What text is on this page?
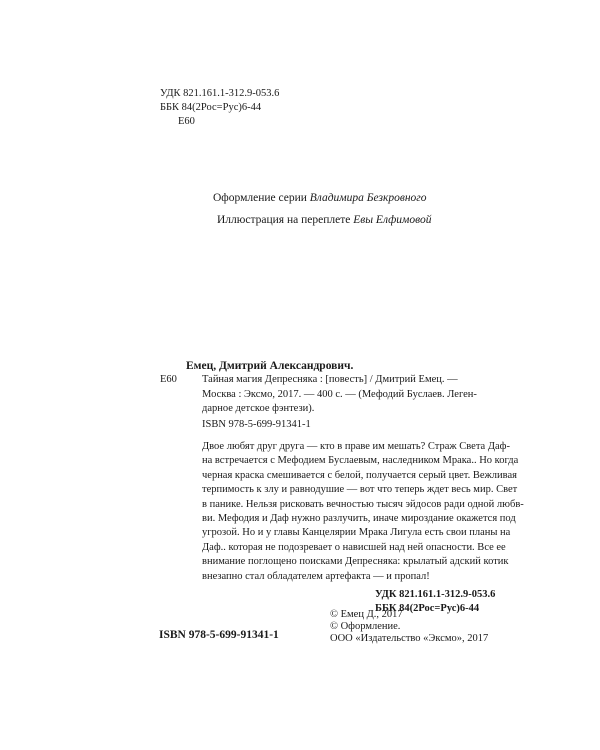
УДК 821.161.1-312.9-053.6
ББК 84(2Рос=Рус)6-44
Е60
Оформление серии Владимира Безкровного
Иллюстрация на переплете Евы Елфимовой
Емец, Дмитрий Александрович.
Е60 Тайная магия Депресняка : [повесть] / Дмитрий Емец. —
Москва : Эксмо, 2017. — 400 с. — (Мефодий Буслаев. Леген-
дарное детское фэнтези).
ISBN 978-5-699-91341-1
Двое любят друг друга — кто в праве им мешать? Страж Света Даф-
на встречается с Мефодием Буслаевым, наследником Мрака.. Но когда
черная краска смешивается с белой, получается серый цвет. Вежливая
терпимость к злу и равнодушие — вот что теперь ждет весь мир. Свет
в панике. Нельзя рисковать вечностью тысяч эйдосов ради одной любв-
ви. Мефодия и Даф нужно разлучить, иначе мироздание окажется под
угрозой. Но и у главы Канцелярии Мрака Лигула есть свои планы на
Даф.. которая не подозревает о нависшей над ней опасности. Все ее
внимание поглощено поисками Депресняка: крылатый адский котик
внезапно стал обладателем артефакта — и пропал!
УДК 821.161.1-312.9-053.6
ББК 84(2Рос=Рус)6-44
ISBN 978-5-699-91341-1
© Емец Д., 2017
© Оформление.
ООО «Издательство «Эксмо», 2017
